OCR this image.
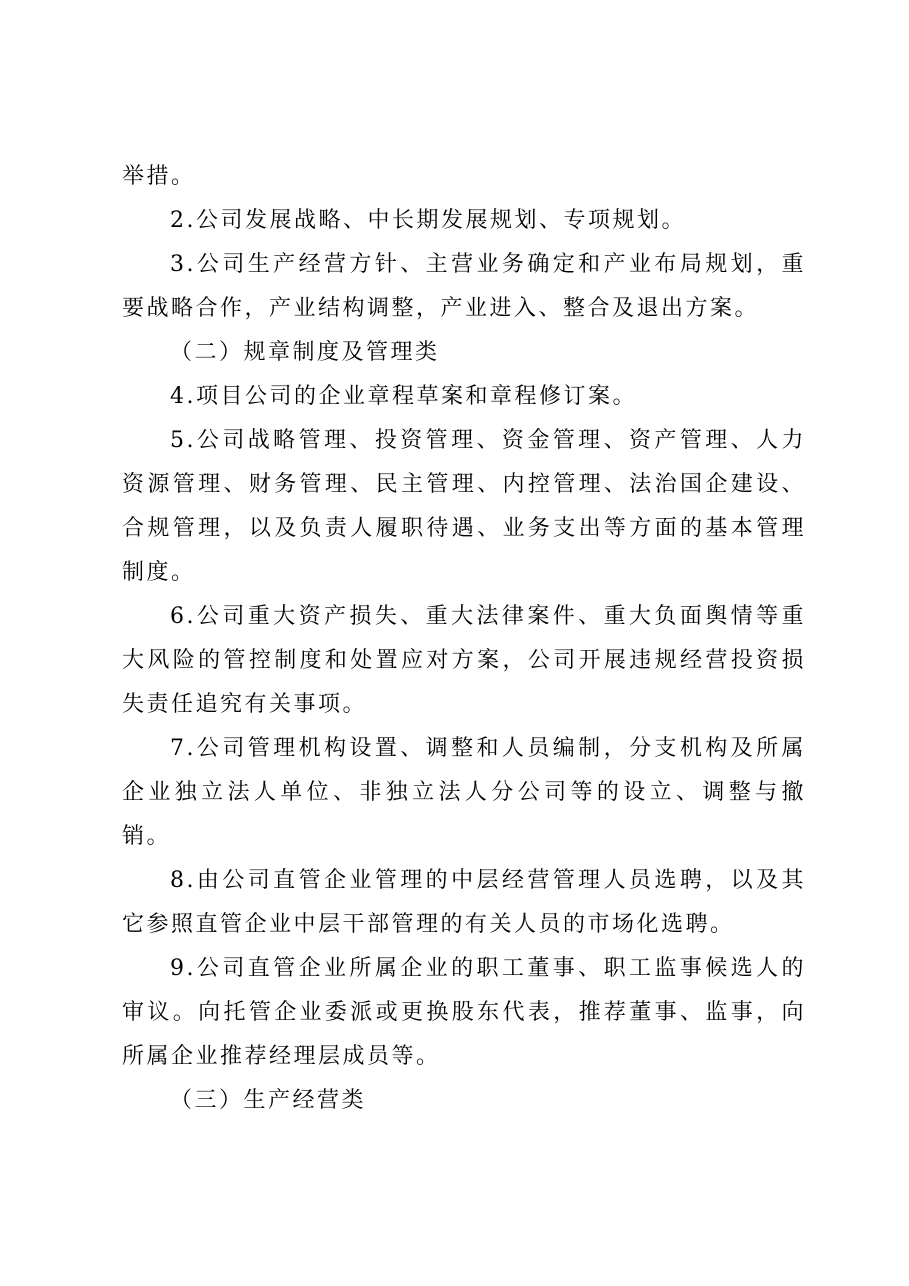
举措。

2.公司发展战略、中长期发展规划、专项规划。

3.公司生产经营方针、主营业务确定和产业布局规划，重要战略合作，产业结构调整，产业进入、整合及退出方案。

（二）规章制度及管理类

4.项目公司的企业章程草案和章程修订案。

5.公司战略管理、投资管理、资金管理、资产管理、人力资源管理、财务管理、民主管理、内控管理、法治国企建设、合规管理，以及负责人履职待遇、业务支出等方面的基本管理制度。

6.公司重大资产损失、重大法律案件、重大负面舆情等重大风险的管控制度和处置应对方案，公司开展违规经营投资损失责任追究有关事项。

7.公司管理机构设置、调整和人员编制，分支机构及所属企业独立法人单位、非独立法人分公司等的设立、调整与撤销。

8.由公司直管企业管理的中层经营管理人员选聘，以及其它参照直管企业中层干部管理的有关人员的市场化选聘。

9.公司直管企业所属企业的职工董事、职工监事候选人的审议。向托管企业委派或更换股东代表，推荐董事、监事，向所属企业推荐经理层成员等。

（三）生产经营类
